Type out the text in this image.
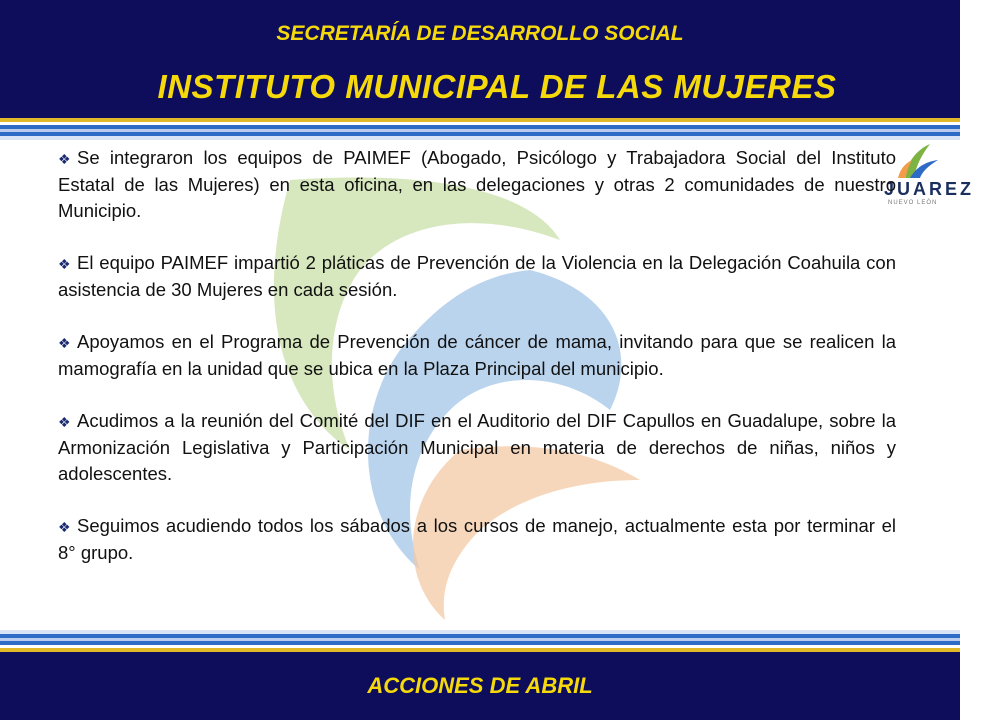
SECRETARÍA DE DESARROLLO SOCIAL
INSTITUTO MUNICIPAL DE LAS MUJERES
JUAREZ
NUEVO LEÓN

❖ Se integraron los equipos de PAIMEF (Abogado, Psicólogo y Trabajadora Social del Instituto Estatal de las Mujeres) en esta oficina, en las delegaciones y otras 2 comunidades de nuestro Municipio.

❖ El equipo PAIMEF impartió 2 pláticas de Prevención de la Violencia en la Delegación Coahuila con asistencia de 30 Mujeres en cada sesión.

❖ Apoyamos en el Programa de Prevención de cáncer de mama, invitando para que se realicen la mamografía en la unidad que se ubica en la Plaza Principal del municipio.

❖ Acudimos a la reunión del Comité del DIF en el Auditorio del DIF Capullos en Guadalupe, sobre la Armonización Legislativa y Participación Municipal en materia de derechos de niñas, niños y adolescentes.

❖ Seguimos acudiendo todos los sábados a los cursos de manejo, actualmente esta por terminar el 8° grupo.

ACCIONES DE ABRIL
